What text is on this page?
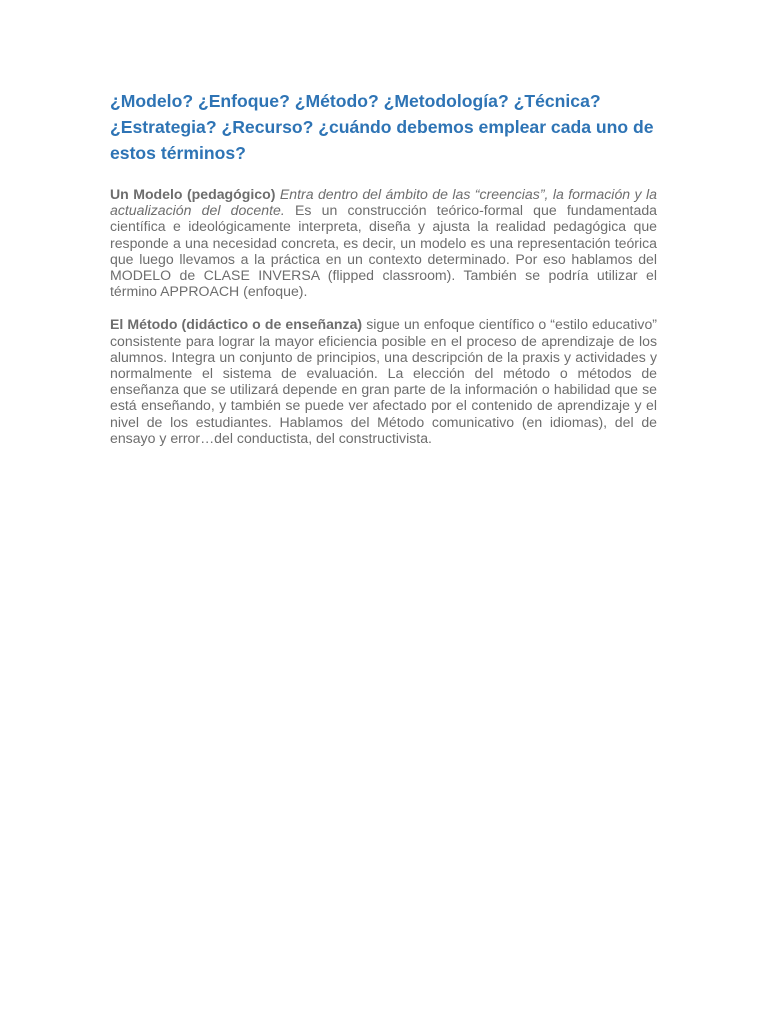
¿Modelo? ¿Enfoque? ¿Método? ¿Metodología? ¿Técnica? ¿Estrategia? ¿Recurso? ¿cuándo debemos emplear cada uno de estos términos?

Un Modelo (pedagógico) Entra dentro del ámbito de las “creencias”, la formación y la actualización del docente. Es un construcción teórico-formal que fundamentada científica e ideológicamente interpreta, diseña y ajusta la realidad pedagógica que responde a una necesidad concreta, es decir, un modelo es una representación teórica que luego llevamos a la práctica en un contexto determinado. Por eso hablamos del MODELO de CLASE INVERSA (flipped classroom). También se podría utilizar el término APPROACH (enfoque).

El Método (didáctico o de enseñanza) sigue un enfoque científico o “estilo educativo” consistente para lograr la mayor eficiencia posible en el proceso de aprendizaje de los alumnos. Integra un conjunto de principios, una descripción de la praxis y actividades y normalmente el sistema de evaluación. La elección del método o métodos de enseñanza que se utilizará depende en gran parte de la información o habilidad que se está enseñando, y también se puede ver afectado por el contenido de aprendizaje y el nivel de los estudiantes. Hablamos del Método comunicativo (en idiomas), del de ensayo y error…del conductista, del constructivista.
